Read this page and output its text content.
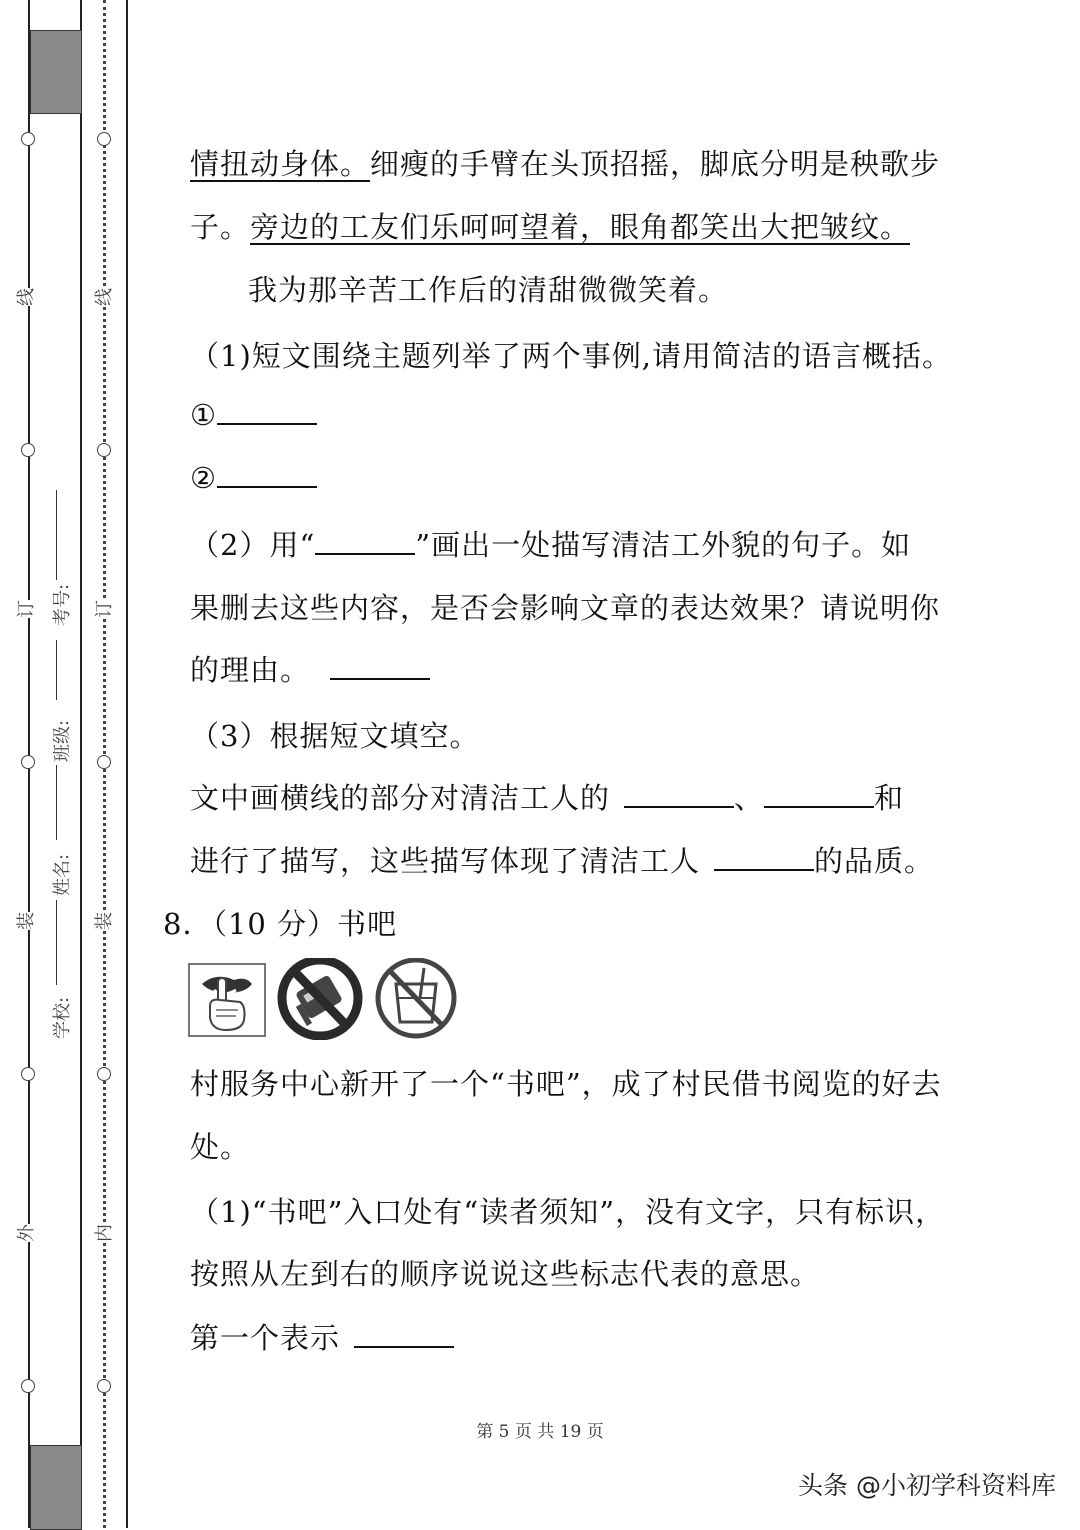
线
订
装
外
线
订
装
内
考号:
班级:
姓名:
学校:
情扭动身体。细瘦的手臂在头顶招摇，脚底分明是秧歌步
子。旁边的工友们乐呵呵望着，眼角都笑出大把皱纹。
我为那辛苦工作后的清甜微微笑着。
（1)短文围绕主题列举了两个事例,请用简洁的语言概括。
①
②
（2）用“	”画出一处描写清洁工外貌的句子。如
果删去这些内容，是否会影响文章的表达效果？请说明你
的理由。
（3）根据短文填空。
文中画横线的部分对清洁工人的	、	和
进行了描写，这些描写体现了清洁工人	的品质。
8．（10 分）书吧
村服务中心新开了一个“书吧”，成了村民借书阅览的好去
处。
（1)“书吧”入口处有“读者须知”，没有文字，只有标识，
按照从左到右的顺序说说这些标志代表的意思。
第一个表示
第 5 页 共 19 页
头条 @小初学科资料库
